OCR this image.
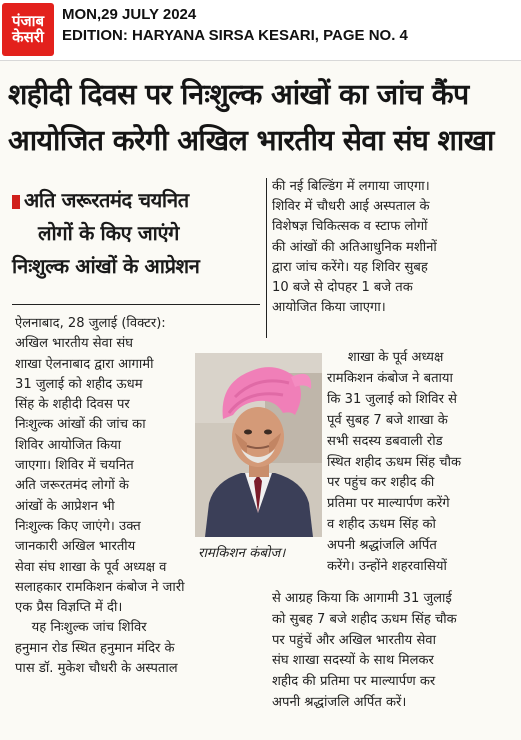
पंजाब
केसरी
MON,29 JULY 2024
EDITION: HARYANA SIRSA KESARI, PAGE NO. 4
शहीदी दिवस पर निःशुल्क आंखों का जांच कैंप
आयोजित करेगी अखिल भारतीय सेवा संघ शाखा
अति जरूरतमंद चयनित
लोगों के किए जाएंगे
निःशुल्क आंखों के आप्रेशन

ऐलनाबाद, 28 जुलाई (विक्टर):

अखिल भारतीय सेवा संघ

शाखा ऐलनाबाद द्वारा आगामी

31 जुलाई को शहीद ऊधम

सिंह के शहीदी दिवस पर

निःशुल्क आंखों की जांच का

शिविर आयोजित किया

जाएगा। शिविर में चयनित

अति जरूरतमंद लोगों के

आंखों के आप्रेशन भी

निःशुल्क किए जाएंगे। उक्त

जानकारी अखिल भारतीय

सेवा संघ शाखा के पूर्व अध्यक्ष व

सलाहकार रामकिशन कंबोज ने जारी

एक प्रैस विज्ञप्ति में दी।

यह निःशुल्क जांच शिविर

हनुमान रोड स्थित हनुमान मंदिर के

पास डॉ. मुकेश चौधरी के अस्पताल

की नई बिल्डिंग में लगाया जाएगा।

शिविर में चौधरी आई अस्पताल के

विशेषज्ञ चिकित्सक व स्टाफ लोगों

की आंखों की अतिआधुनिक मशीनों

द्वारा जांच करेंगे। यह शिविर सुबह

10 बजे से दोपहर 1 बजे तक

आयोजित किया जाएगा।

शाखा के पूर्व अध्यक्ष

रामकिशन कंबोज ने बताया

कि 31 जुलाई को शिविर से

पूर्व सुबह 7 बजे शाखा के

सभी सदस्य डबवाली रोड

स्थित शहीद ऊधम सिंह चौक

पर पहुंच कर शहीद की

प्रतिमा पर माल्यार्पण करेंगे

व शहीद ऊधम सिंह को

अपनी श्रद्धांजलि अर्पित

करेंगे। उन्होंने शहरवासियों

से आग्रह किया कि आगामी 31 जुलाई

को सुबह 7 बजे शहीद ऊधम सिंह चौक

पर पहुंचें और अखिल भारतीय सेवा

संघ शाखा सदस्यों के साथ मिलकर

शहीद की प्रतिमा पर माल्यार्पण कर

अपनी श्रद्धांजलि अर्पित करें।

रामकिशन कंबोज।
